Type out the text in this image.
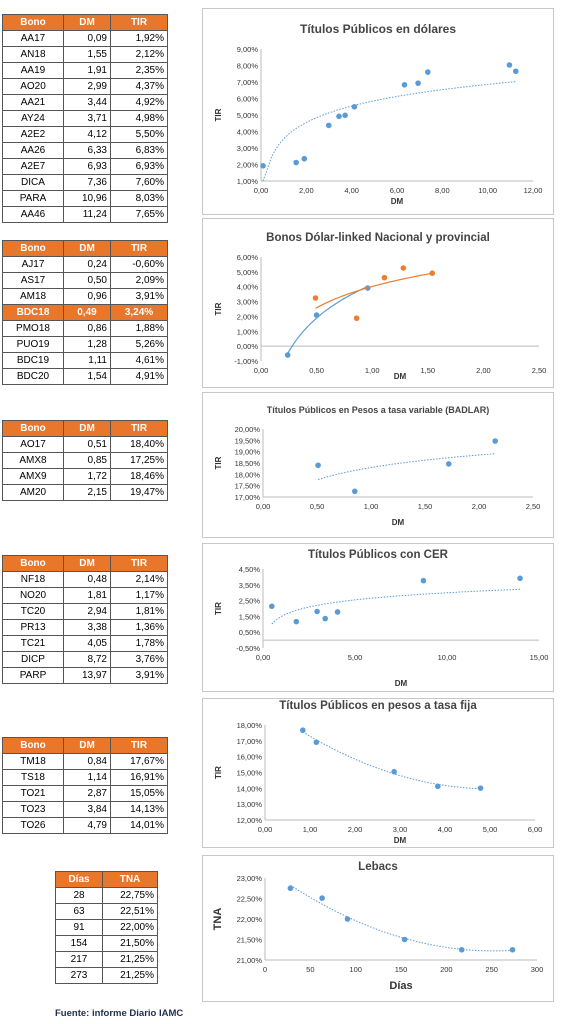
Bono	DM	TIR
AA17	0,09	1,92%
AN18	1,55	2,12%
AA19	1,91	2,35%
AO20	2,99	4,37%
AA21	3,44	4,92%
AY24	3,71	4,98%
A2E2	4,12	5,50%
AA26	6,33	6,83%
A2E7	6,93	6,93%
DICA	7,36	7,60%
PARA	10,96	8,03%
AA46	11,24	7,65%
Bono	DM	TIR
AJ17	0,24	-0,60%
AS17	0,50	2,09%
AM18	0,96	3,91%
BDC18	0,49	3,24%
PMO18	0,86	1,88%
PUO19	1,28	5,26%
BDC19	1,11	4,61%
BDC20	1,54	4,91%
Bono	DM	TIR
AO17	0,51	18,40%
AMX8	0,85	17,25%
AMX9	1,72	18,46%
AM20	2,15	19,47%
Bono	DM	TIR
NF18	0,48	2,14%
NO20	1,81	1,17%
TC20	2,94	1,81%
PR13	3,38	1,36%
TC21	4,05	1,78%
DICP	8,72	3,76%
PARP	13,97	3,91%
Bono	DM	TIR
TM18	0,84	17,67%
TS18	1,14	16,91%
TO21	2,87	15,05%
TO23	3,84	14,13%
TO26	4,79	14,01%
Días	TNA
28	22,75%
63	22,51%
91	22,00%
154	21,50%
217	21,25%
273	21,25%
Títulos Públicos en dólares
1,00%
2,00%
3,00%
4,00%
5,00%
6,00%
7,00%
8,00%
9,00%
0,00	2,00	4,00	6,00	8,00	10,00	12,00
DM
TIR
Bonos Dólar-linked Nacional y provincial
-1,00%
0,00%
1,00%
2,00%
3,00%
4,00%
5,00%
6,00%
0,00	0,50	1,00	1,50	2,00	2,50
DM
TIR
Títulos Públicos en Pesos a tasa variable (BADLAR)
17,00%
17,50%
18,00%
18,50%
19,00%
19,50%
20,00%
0,00	0,50	1,00	1,50	2,00	2,50
DM
TIR
Títulos Públicos con CER
-0,50%
0,50%
1,50%
2,50%
3,50%
4,50%
0,00	5,00	10,00	15,00
DM
TIR
Títulos Públicos en pesos a tasa fija
12,00%
13,00%
14,00%
15,00%
16,00%
17,00%
18,00%
0,00	1,00	2,00	3,00	4,00	5,00	6,00
DM
TIR
Lebacs
21,00%
21,50%
22,00%
22,50%
23,00%
0	50	100	150	200	250	300
Días
TNA
Fuente: informe Diario IAMC
